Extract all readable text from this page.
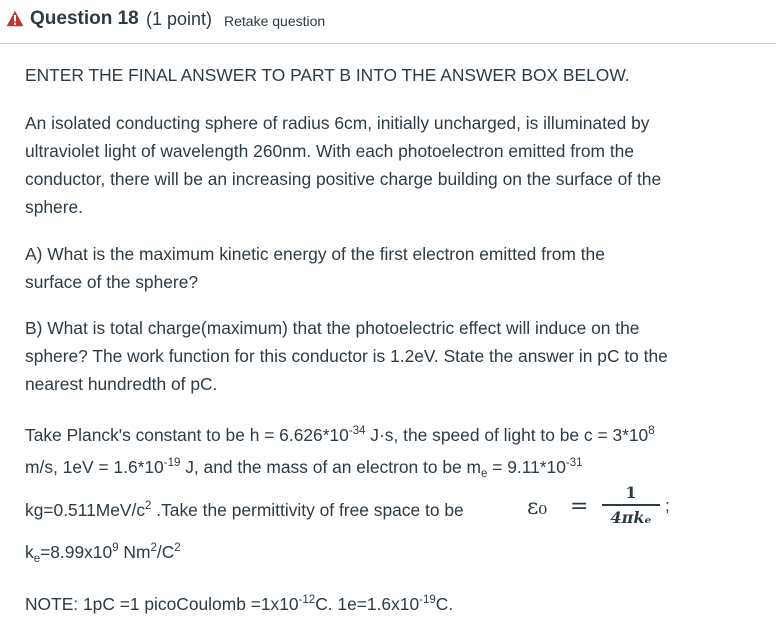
Question 18 (1 point) Retake question
ENTER THE FINAL ANSWER TO PART B INTO THE ANSWER BOX BELOW.
An isolated conducting sphere of radius 6cm, initially uncharged, is illuminated by
ultraviolet light of wavelength 260nm. With each photoelectron emitted from the
conductor, there will be an increasing positive charge building on the surface of the
sphere.
A) What is the maximum kinetic energy of the first electron emitted from the
surface of the sphere?
B) What is total charge(maximum) that the photoelectric effect will induce on the
sphere? The work function for this conductor is 1.2eV. State the answer in pC to the
nearest hundredth of pC.
Take Planck's constant to be $h = 6.626*10^{-34}$ J·s, the speed of light to be $c = 3*10^8$
m/s, $1eV = 1.6*10^{-19}$ J, and the mass of an electron to be $m_e = 9.11*10^{-31}$
$kg=0.511MeV/c^2$ .Take the permittivity of free space to be	ε₀ =
1
4πkₑ
;
$k_e=8.99x10^9$ $Nm^2/C^2$
NOTE: 1pC =1 picoCoulomb $=1x10^{-12}C$. $1e=1.6x10^{-19}C$.
